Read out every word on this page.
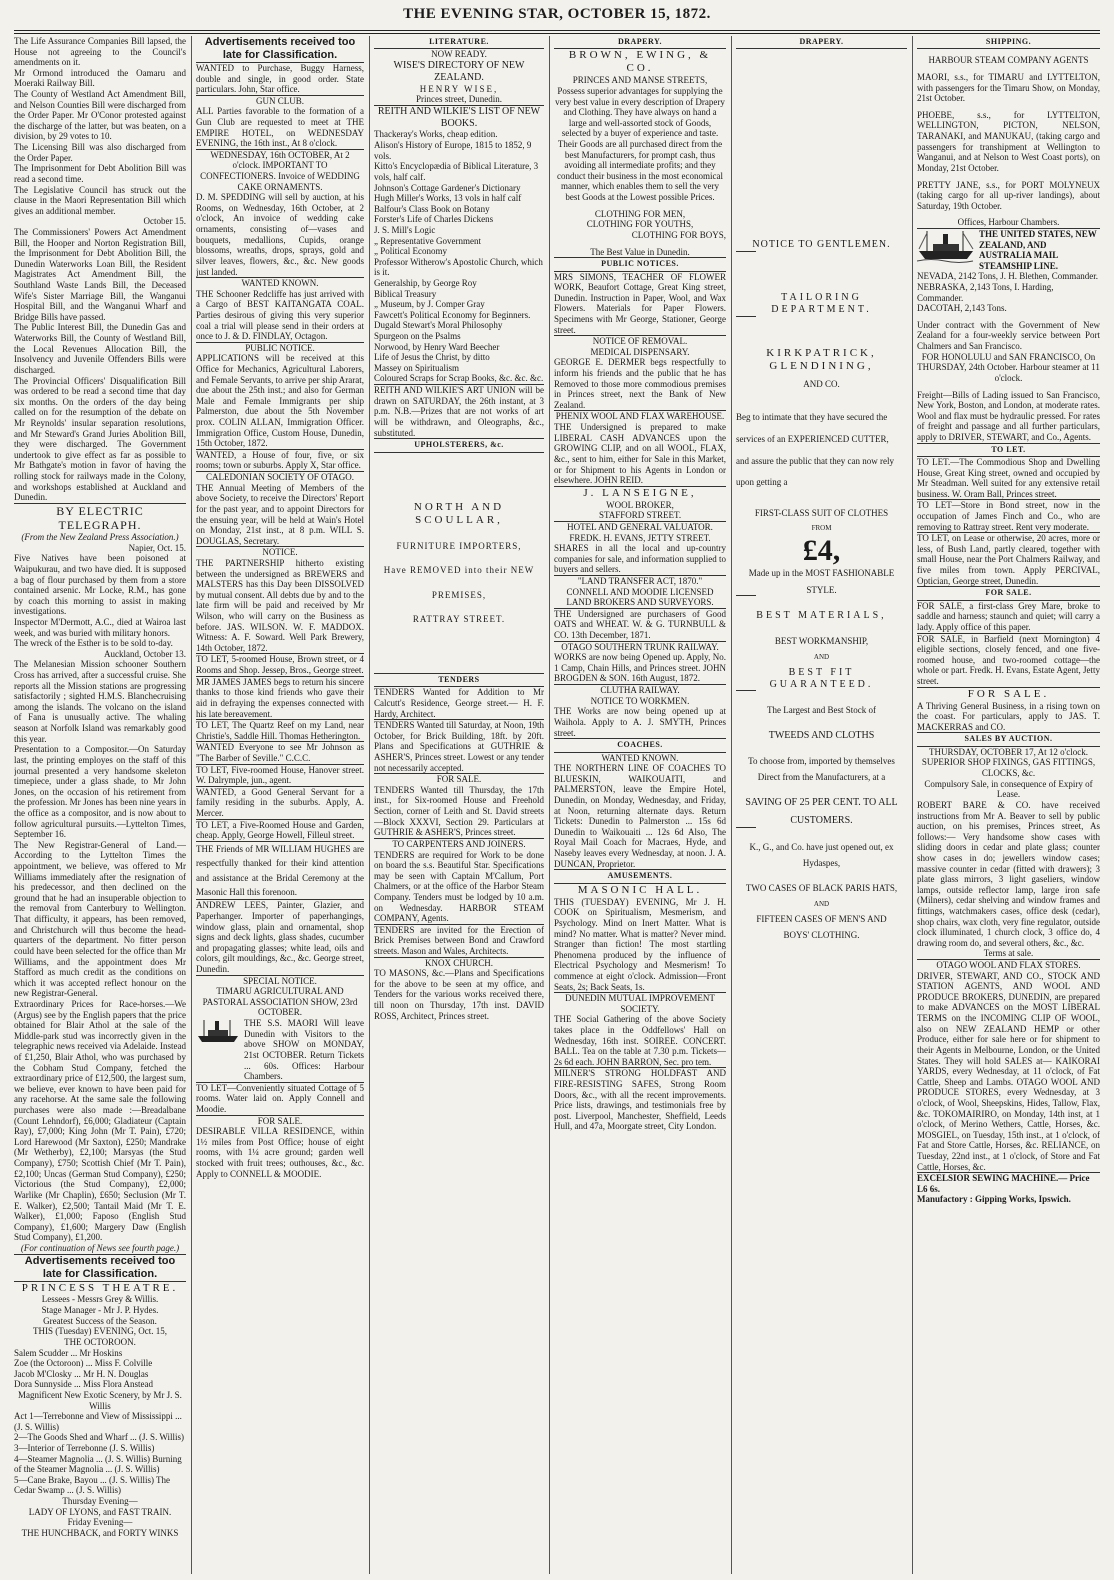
THE EVENING STAR, OCTOBER 15, 1872.
The Life Assurance Companies Bill lapsed, the House not agreeing to the Council's amendments on it.
Mr Ormond introduced the Oamaru and Moeraki Railway Bill.
The County of Westland Act Amendment Bill, and Nelson Counties Bill were discharged from the Order Paper. Mr O'Conor protested against the discharge of the latter, but was beaten, on a division, by 29 votes to 10.
The Licensing Bill was also discharged from the Order Paper.
The Imprisonment for Debt Abolition Bill was read a second time.
The Legislative Council has struck out the clause in the Maori Representation Bill which gives an additional member.
October 15.
The Commissioners' Powers Act Amendment Bill, the Hooper and Norton Registration Bill, the Imprisonment for Debt Abolition Bill, the Dunedin Waterworks Loan Bill, the Resident Magistrates Act Amendment Bill, the Southland Waste Lands Bill, the Deceased Wife's Sister Marriage Bill, the Wanganui Hospital Bill, and the Wanganui Wharf and Bridge Bills have passed.
The Public Interest Bill, the Dunedin Gas and Waterworks Bill, the County of Westland Bill, the Local Revenues Allocation Bill, the Insolvency and Juvenile Offenders Bills were discharged.
The Provincial Officers' Disqualification Bill was ordered to be read a second time that day six months. On the orders of the day being called on for the resumption of the debate on Mr Reynolds' insular separation resolutions, and Mr Steward's Grand Juries Abolition Bill, they were discharged. The Government undertook to give effect as far as possible to Mr Bathgate's motion in favor of having the rolling stock for railways made in the Colony, and workshops established at Auckland and Dunedin.
BY ELECTRIC TELEGRAPH.
(From the New Zealand Press Association.)
Napier, Oct. 15.
Five Natives have been poisoned at Waipukurau, and two have died. It is supposed a bag of flour purchased by them from a store contained arsenic. Mr Locke, R.M., has gone by coach this morning to assist in making investigations.
Inspector M'Dermott, A.C., died at Wairoa last week, and was buried with military honors.
The wreck of the Esther is to be sold to-day.
Auckland, October 13.
The Melanesian Mission schooner Southern Cross has arrived, after a successful cruise. She reports all the Mission stations are progressing satisfactorily ; sighted H.M.S. Blanchecruising among the islands. The volcano on the island of Fana is unusually active. The whaling season at Norfolk Island was remarkably good this year.
Presentation to a Compositor.—On Saturday last, the printing employes on the staff of this journal presented a very handsome skeleton timepiece, under a glass shade, to Mr John Jones, on the occasion of his retirement from the profession. Mr Jones has been nine years in the office as a compositor, and is now about to follow agricultural pursuits.—Lyttelton Times, September 16.
The New Registrar-General of Land.—According to the Lyttelton Times the appointment, we believe, was offered to Mr Williams immediately after the resignation of his predecessor, and then declined on the ground that he had an insuperable objection to the removal from Canterbury to Wellington. That difficulty, it appears, has been removed, and Christchurch will thus become the head-quarters of the department. No fitter person could have been selected for the office than Mr Williams, and the appointment does Mr Stafford as much credit as the conditions on which it was accepted reflect honour on the new Registrar-General.
Extraordinary Prices for Race-horses.—We (Argus) see by the English papers that the price obtained for Blair Athol at the sale of the Middle-park stud was incorrectly given in the telegraphic news received via Adelaide. Instead of £1,250, Blair Athol, who was purchased by the Cobham Stud Company, fetched the extraordinary price of £12,500, the largest sum, we believe, ever known to have been paid for any racehorse. At the same sale the following purchases were also made :—Breadalbane (Count Lehndorf), £6,000; Gladiateur (Captain Ray), £7,000; King John (Mr T. Pain), £720; Lord Harewood (Mr Saxton), £250; Mandrake (Mr Wetherby), £2,100; Marsyas (the Stud Company), £750; Scottish Chief (Mr T. Pain), £2,100; Uncas (German Stud Company), £250; Victorious (the Stud Company), £2,000; Warlike (Mr Chaplin), £650; Seclusion (Mr T. E. Walker), £2,500; Tantail Maid (Mr T. E. Walker), £1,000; Faposo (English Stud Company), £1,600; Margery Daw (English Stud Company), £1,200.
(For continuation of News see fourth page.)
Advertisements received too late for Classification.
PRINCESS THEATRE.
Lessees - Messrs Grey & Willis.
Stage Manager - Mr J. P. Hydes.
Greatest Success of the Season.
THIS (Tuesday) EVENING, Oct. 15,
THE OCTOROON.
Salem Scudder ... Mr Hoskins
Zoe (the Octoroon) ... Miss F. Colville
Jacob M'Closky ... Mr H. N. Douglas
Dora Sunnyside ... Miss Flora Anstead
Magnificent New Exotic Scenery, by Mr J. S. Willis
Act 1—Terrebonne and View of Mississippi ... (J. S. Willis)
2—The Goods Shed and Wharf ... (J. S. Willis)
3—Interior of Terrebonne (J. S. Willis)
4—Steamer Magnolia ... (J. S. Willis) Burning of the Steamer Magnolia ... (J. S. Willis)
5—Cane Brake, Bayou ... (J. S. Willis) The Cedar Swamp ... (J. S. Willis)
Thursday Evening—
LADY OF LYONS, and FAST TRAIN.
Friday Evening—
THE HUNCHBACK, and FORTY WINKS
Advertisements received too late for Classification.
WANTED to Purchase, Buggy Harness, double and single, in good order. State particulars. John, Star office.
GUN CLUB.
ALL Parties favorable to the formation of a Gun Club are requested to meet at THE EMPIRE HOTEL, on WEDNESDAY EVENING, the 16th inst., At 8 o'clock.
WEDNESDAY, 16th OCTOBER, At 2 o'clock. IMPORTANT TO CONFECTIONERS. Invoice of WEDDING CAKE ORNAMENTS.
D. M. SPEDDING will sell by auction, at his Rooms, on Wednesday, 16th October, at 2 o'clock, An invoice of wedding cake ornaments, consisting of—vases and bouquets, medallions, Cupids, orange blossoms, wreaths, drops, sprays, gold and silver leaves, flowers, &c., &c. New goods just landed.
WANTED KNOWN.
THE Schooner Redcliffe has just arrived with a Cargo of BEST KAITANGATA COAL. Parties desirous of giving this very superior coal a trial will please send in their orders at once to J. & D. FINDLAY, Octagon.
PUBLIC NOTICE.
APPLICATIONS will be received at this Office for Mechanics, Agricultural Laborers, and Female Servants, to arrive per ship Ararat, due about the 25th inst.; and also for German Male and Female Immigrants per ship Palmerston, due about the 5th November prox. COLIN ALLAN, Immigration Officer. Immigration Office, Custom House, Dunedin, 15th October, 1872.
WANTED, a House of four, five, or six rooms; town or suburbs. Apply X, Star office.
CALEDONIAN SOCIETY OF OTAGO.
THE Annual Meeting of Members of the above Society, to receive the Directors' Report for the past year, and to appoint Directors for the ensuing year, will be held at Wain's Hotel on Monday, 21st inst., at 8 p.m. WILL S. DOUGLAS, Secretary.
NOTICE.
THE PARTNERSHIP hitherto existing between the undersigned as BREWERS and MALSTERS has this Day been DISSOLVED by mutual consent. All debts due by and to the late firm will be paid and received by Mr Wilson, who will carry on the Business as before. JAS. WILSON. W. F. MADDOX. Witness: A. F. Soward. Well Park Brewery, 14th October, 1872.
TO LET, 5-roomed House, Brown street, or 4 Rooms and Shop. Jessep, Bros., George street.
MR JAMES JAMES begs to return his sincere thanks to those kind friends who gave their aid in defraying the expenses connected with his late bereavement.
TO LET, The Quartz Reef on my Land, near Christie's, Saddle Hill. Thomas Hetherington.
WANTED Everyone to see Mr Johnson as "The Barber of Seville." C.C.C.
TO LET, Five-roomed House, Hanover street. W. Dalrymple, jun., agent.
WANTED, a Good General Servant for a family residing in the suburbs. Apply, A. Mercer.
TO LET, a Five-Roomed House and Garden, cheap. Apply, George Howell, Filleul street.
THE Friends of MR WILLIAM HUGHES are respectfully thanked for their kind attention and assistance at the Bridal Ceremony at the Masonic Hall this forenoon.
ANDREW LEES, Painter, Glazier, and Paperhanger. Importer of paperhangings, window glass, plain and ornamental, shop signs and deck lights, glass shades, cucumber and propagating glasses; white lead, oils and colors, gilt mouldings, &c., &c. George street, Dunedin.
SPECIAL NOTICE.
TIMARU AGRICULTURAL AND PASTORAL ASSOCIATION SHOW, 23rd OCTOBER.
THE S.S. MAORI Will leave Dunedin with Visitors to the above SHOW on MONDAY, 21st OCTOBER. Return Tickets ... 60s. Offices: Harbour Chambers.
TO LET—Conveniently situated Cottage of 5 rooms. Water laid on. Apply Connell and Moodie.
FOR SALE.
DESIRABLE VILLA RESIDENCE, within 1½ miles from Post Office; house of eight rooms, with 1¼ acre ground; garden well stocked with fruit trees; outhouses, &c., &c. Apply to CONNELL & MOODIE.
LITERATURE.
NOW READY.
WISE'S DIRECTORY OF NEW ZEALAND.
HENRY WISE,
Princes street, Dunedin.
REITH AND WILKIE'S LIST OF NEW BOOKS.
Thackeray's Works, cheap edition.
Alison's History of Europe, 1815 to 1852, 9 vols.
Kitto's Encyclopædia of Biblical Literature, 3 vols, half calf.
Johnson's Cottage Gardener's Dictionary
Hugh Miller's Works, 13 vols in half calf
Balfour's Class Book on Botany
Forster's Life of Charles Dickens
J. S. Mill's Logic
„ Representative Government
„ Political Economy
Professor Witherow's Apostolic Church, which is it.
Generalship, by George Roy
Biblical Treasury
„ Museum, by J. Comper Gray
Fawcett's Political Economy for Beginners.
Dugald Stewart's Moral Philosophy
Spurgeon on the Psalms
Norwood, by Henry Ward Beecher
Life of Jesus the Christ, by ditto
Massey on Spiritualism
Coloured Scraps for Scrap Books, &c. &c. &c.
REITH AND WILKIE'S ART UNION will be drawn on SATURDAY, the 26th instant, at 3 p.m. N.B.—Prizes that are not works of art will be withdrawn, and Oleographs, &c., substituted.
UPHOLSTERERS, &c.
NORTH AND SCOULLAR,
FURNITURE IMPORTERS,
Have REMOVED into their NEW
PREMISES,
RATTRAY STREET.
TENDERS
TENDERS Wanted for Addition to Mr Calcutt's Residence, George street.— H. F. Hardy, Architect.
TENDERS Wanted till Saturday, at Noon, 19th October, for Brick Building, 18ft. by 20ft. Plans and Specifications at GUTHRIE & ASHER'S, Princes street. Lowest or any tender not necessarily accepted.
FOR SALE.
TENDERS Wanted till Thursday, the 17th inst., for Six-roomed House and Freehold Section, corner of Leith and St. David streets—Block XXXVI, Section 29. Particulars at GUTHRIE & ASHER'S, Princes street.
TO CARPENTERS AND JOINERS.
TENDERS are required for Work to be done on board the s.s. Beautiful Star. Specifications may be seen with Captain M'Callum, Port Chalmers, or at the office of the Harbor Steam Company. Tenders must be lodged by 10 a.m. on Wednesday. HARBOR STEAM COMPANY, Agents.
TENDERS are invited for the Erection of Brick Premises between Bond and Crawford streets. Mason and Wales, Architects.
KNOX CHURCH.
TO MASONS, &c.—Plans and Specifications for the above to be seen at my office, and Tenders for the various works received there, till noon on Thursday, 17th inst. DAVID ROSS, Architect, Princes street.
DRAPERY.
BROWN, EWING, & CO.
PRINCES AND MANSE STREETS,
Possess superior advantages for supplying the very best value in every description of Drapery and Clothing. They have always on hand a large and well-assorted stock of Goods, selected by a buyer of experience and taste. Their Goods are all purchased direct from the best Manufacturers, for prompt cash, thus avoiding all intermediate profits; and they conduct their business in the most economical manner, which enables them to sell the very best Goods at the Lowest possible Prices.
CLOTHING FOR MEN,
CLOTHING FOR YOUTHS,
CLOTHING FOR BOYS,
The Best Value in Dunedin.
PUBLIC NOTICES.
MRS SIMONS, TEACHER OF FLOWER WORK, Beaufort Cottage, Great King street, Dunedin. Instruction in Paper, Wool, and Wax Flowers. Materials for Paper Flowers. Specimens with Mr George, Stationer, George street.
NOTICE OF REMOVAL.
MEDICAL DISPENSARY.
GEORGE E. DERMER begs respectfully to inform his friends and the public that he has Removed to those more commodious premises in Princes street, next the Bank of New Zealand.
PHENIX WOOL AND FLAX WAREHOUSE.
THE Undersigned is prepared to make LIBERAL CASH ADVANCES upon the GROWING CLIP, and on all WOOL, FLAX, &c., sent to him, either for Sale in this Market, or for Shipment to his Agents in London or elsewhere. JOHN REID.
J. LANSEIGNE,
WOOL BROKER,
STAFFORD STREET.
HOTEL AND GENERAL VALUATOR.
FREDK. H. EVANS, JETTY STREET.
SHARES in all the local and up-country companies for sale, and information supplied to buyers and sellers.
"LAND TRANSFER ACT, 1870."
CONNELL AND MOODIE LICENSED LAND BROKERS AND SURVEYORS.
THE Undersigned are purchasers of Good OATS and WHEAT. W. & G. TURNBULL & CO. 13th December, 1871.
OTAGO SOUTHERN TRUNK RAILWAY.
WORKS are now being Opened up. Apply, No. 1 Camp, Chain Hills, and Princes street. JOHN BROGDEN & SON. 16th August, 1872.
CLUTHA RAILWAY.
NOTICE TO WORKMEN.
THE Works are now being opened up at Waihola. Apply to A. J. SMYTH, Princes street.
COACHES.
WANTED KNOWN.
THE NORTHERN LINE OF COACHES TO BLUESKIN, WAIKOUAITI, and PALMERSTON, leave the Empire Hotel, Dunedin, on Monday, Wednesday, and Friday, at Noon, returning alternate days. Return Tickets: Dunedin to Palmerston ... 15s 6d Dunedin to Waikouaiti ... 12s 6d Also, The Royal Mail Coach for Macraes, Hyde, and Naseby leaves every Wednesday, at noon. J. A. DUNCAN, Proprietor.
AMUSEMENTS.
MASONIC HALL.
THIS (TUESDAY) EVENING, Mr J. H. COOK on Spiritualism, Mesmerism, and Psychology. Mind on Inert Matter. What is mind? No matter. What is matter? Never mind. Stranger than fiction! The most startling Phenomena produced by the influence of Electrical Psychology and Mesmerism! To commence at eight o'clock. Admission—Front Seats, 2s; Back Seats, 1s.
DUNEDIN MUTUAL IMPROVEMENT SOCIETY.
THE Social Gathering of the above Society takes place in the Oddfellows' Hall on Wednesday, 16th inst. SOIREE. CONCERT. BALL. Tea on the table at 7.30 p.m. Tickets—2s 6d each. JOHN BARRON, Sec. pro tem.
MILNER'S STRONG HOLDFAST AND FIRE-RESISTING SAFES, Strong Room Doors, &c., with all the recent improvements. Price lists, drawings, and testimonials free by post. Liverpool, Manchester, Sheffield, Leeds Hull, and 47a, Moorgate street, City London.
DRAPERY.
NOTICE TO GENTLEMEN.
TAILORING DEPARTMENT.
KIRKPATRICK, GLENDINING,
AND CO.
Beg to intimate that they have secured the
services of an EXPERIENCED CUTTER,
and assure the public that they can now rely
upon getting a
FIRST-CLASS SUIT OF CLOTHES
FROM
£4,
Made up in the MOST FASHIONABLE
STYLE.
BEST MATERIALS,
BEST WORKMANSHIP,
AND
BEST FIT GUARANTEED.
The Largest and Best Stock of
TWEEDS AND CLOTHS
To choose from, imported by themselves
Direct from the Manufacturers, at a
SAVING OF 25 PER CENT. TO ALL
CUSTOMERS.
K., G., and Co. have just opened out, ex
Hydaspes,
TWO CASES OF BLACK PARIS HATS,
AND
FIFTEEN CASES OF MEN'S AND
BOYS' CLOTHING.
SHIPPING.
HARBOUR STEAM COMPANY AGENTS
MAORI, s.s., for TIMARU and LYTTELTON, with passengers for the Timaru Show, on Monday, 21st October.
PHOEBE, s.s., for LYTTELTON, WELLINGTON, PICTON, NELSON, TARANAKI, and MANUKAU, (taking cargo and passengers for transhipment at Wellington to Wanganui, and at Nelson to West Coast ports), on Monday, 21st October.
PRETTY JANE, s.s., for PORT MOLYNEUX (taking cargo for all up-river landings), about Saturday, 19th October.
Offices, Harbour Chambers.
THE UNITED STATES, NEW ZEALAND, AND AUSTRALIA MAIL STEAMSHIP LINE.
NEVADA, 2142 Tons, J. H. Blethen, Commander.
NEBRASKA, 2,143 Tons, I. Harding, Commander.
DACOTAH, 2,143 Tons.
Under contract with the Government of New Zealand for a four-weekly service between Port Chalmers and San Francisco.
FOR HONOLULU and SAN FRANCISCO, On THURSDAY, 24th October. Harbour steamer at 11 o'clock.
Freight—Bills of Lading issued to San Francisco, New York, Boston, and London, at moderate rates. Wool and flax must be hydraulic pressed. For rates of freight and passage and all further particulars, apply to DRIVER, STEWART, and Co., Agents.
TO LET.
TO LET.—The Commodious Shop and Dwelling House, Great King street, owned and occupied by Mr Steadman. Well suited for any extensive retail business. W. Oram Ball, Princes street.
TO LET—Store in Bond street, now in the occupation of James Finch and Co., who are removing to Rattray street. Rent very moderate.
TO LET, on Lease or otherwise, 20 acres, more or less, of Bush Land, partly cleared, together with small House, near the Port Chalmers Railway, and five miles from town. Apply PERCIVAL, Optician, George street, Dunedin.
FOR SALE.
FOR SALE, a first-class Grey Mare, broke to saddle and harness; staunch and quiet; will carry a lady. Apply office of this paper.
FOR SALE, in Barfield (next Mornington) 4 eligible sections, closely fenced, and one five-roomed house, and two-roomed cottage—the whole or part. Fredk. H. Evans, Estate Agent, Jetty street.
FOR SALE.
A Thriving General Business, in a rising town on the coast. For particulars, apply to JAS. T. MACKERRAS and CO.
SALES BY AUCTION.
THURSDAY, OCTOBER 17, At 12 o'clock.
SUPERIOR SHOP FIXINGS, GAS FITTINGS, CLOCKS, &c.
Compulsory Sale, in consequence of Expiry of Lease.
ROBERT BARE & CO. have received instructions from Mr A. Beaver to sell by public auction, on his premises, Princes street, As follows:— Very handsome show cases with sliding doors in cedar and plate glass; counter show cases in do; jewellers window cases; massive counter in cedar (fitted with drawers); 3 plate glass mirrors, 3 light gaseliers, window lamps, outside reflector lamp, large iron safe (Milners), cedar shelving and window frames and fittings, watchmakers cases, office desk (cedar), shop chairs, wax cloth, very fine regulator, outside clock illuminated, 1 church clock, 3 office do, 4 drawing room do, and several others, &c., &c.
Terms at sale.
OTAGO WOOL AND FLAX STORES.
DRIVER, STEWART, AND CO., STOCK AND STATION AGENTS, AND WOOL AND PRODUCE BROKERS, DUNEDIN, are prepared to make ADVANCES on the MOST LIBERAL TERMS on the INCOMING CLIP OF WOOL, also on NEW ZEALAND HEMP or other Produce, either for sale here or for shipment to their Agents in Melbourne, London, or the United States. They will hold SALES at— KAIKORAI YARDS, every Wednesday, at 11 o'clock, of Fat Cattle, Sheep and Lambs. OTAGO WOOL AND PRODUCE STORES, every Wednesday, at 3 o'clock, of Wool, Sheepskins, Hides, Tallow, Flax, &c. TOKOMAIRIRO, on Monday, 14th inst, at 1 o'clock, of Merino Wethers, Cattle, Horses, &c. MOSGIEL, on Tuesday, 15th inst., at 1 o'clock, of Fat and Store Cattle, Horses, &c. RELIANCE, on Tuesday, 22nd inst., at 1 o'clock, of Store and Fat Cattle, Horses, &c.
EXCELSIOR SEWING MACHINE.— Price L6 6s.
Manufactory : Gipping Works, Ipswich.
